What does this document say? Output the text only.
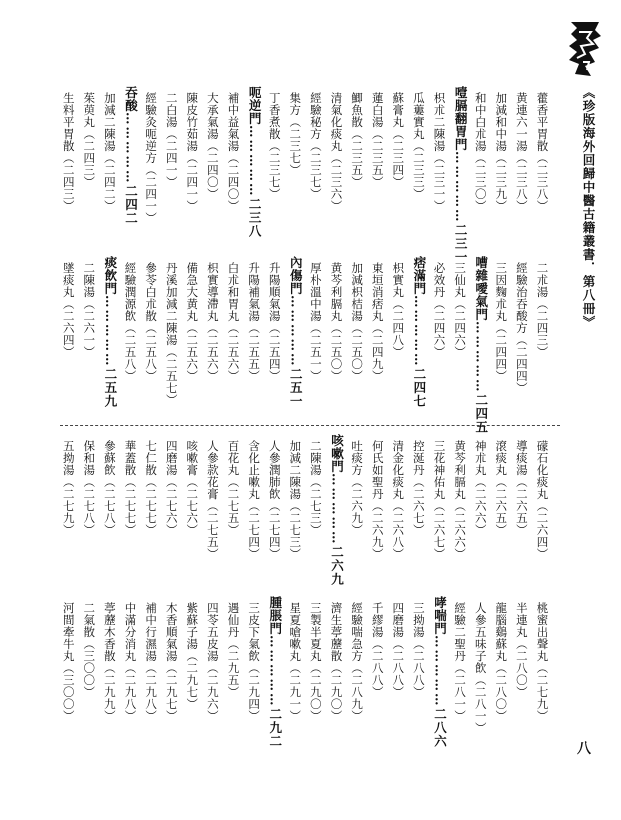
《珍版海外回歸中醫古籍叢書．第八冊》
藿香平胃散（二三八）
黄連六一湯（二三八）
加減和中湯（二三九）
和中白朮湯（二三〇）
噎膈翻胃門……………二三一
枳朮二陳湯（二三一）
瓜蔞實丸（二三三）
蘇膏丸（二三四）
蓮白湯（二三五）
鯽魚散（二三五）
清氣化痰丸（二三六）
經驗秘方（二三七）
集方（二三七）
丁香煮散（二三七）
呃逆門……………二三八
補中益氣湯（二四〇）
大承氣湯（二四〇）
陳皮竹茹湯（二四一）
二白湯（二四一）
經驗灸呃逆方（二四一）
吞酸……………二四二
加減二陳湯（二四二）
茱萸丸（二四三）
生料平胃散（二四三）
二朮湯（二四三）
經驗治吞酸方（二四四）
三因麴朮丸（二四四）
嘈雜噯氣門……………二四五
三仙丸（二四六）
必效丹（二四六）
痞滿門……………二四七
枳實丸（二四八）
東垣消痞丸（二四九）
加減枳桔湯（二五〇）
黄芩利膈丸（二五〇）
厚朴溫中湯（二五一）
內傷門……………二五一
升陽順氣湯（二五四）
升陽補氣湯（二五五）
白朮和胃丸（二五六）
枳實導滯丸（二五六）
備急大黄丸（二五六）
丹溪加減二陳湯（二五七）
參苓白朮散（二五八）
經驗潤源飲（二五八）
痰飲門……………二五九
二陳湯（二六一）
墜痰丸（二六四）
礞石化痰丸（二六四）
導痰湯（二六五）
滾痰丸（二六五）
神朮丸（二六六）
黄芩利膈丸（二六六）
三花神佑丸（二六七）
控涎丹（二六七）
清金化痰丸（二六八）
何氏如聖丹（二六九）
吐痰方（二六九）
咳嗽門……………二六九
二陳湯（二七三）
加減二陳湯（二七三）
人參潤肺飲（二七四）
含化止嗽丸（二七四）
百花丸（二七五）
人參款花膏（二七五）
咳嗽膏（二七六）
四磨湯（二七六）
七仁散（二七七）
華蓋散（二七七）
參蘇飲（二七八）
保和湯（二七八）
五拗湯（二七九）
桃蜜出聲丸（二七九）
半連丸（二八〇）
龍腦鷄蘇丸（二八〇）
人參五味子飲（二八一）
經驗二聖丹（二八一）
哮喘門……………二八六
三拗湯（二八八）
四磨湯（二八八）
千繆湯（二八八）
經驗喘急方（二八九）
濟生葶藶散（二九〇）
三製半夏丸（二九〇）
星夏嗆嗽丸（二九一）
腫脹門……………二九二
三皮下氣飲（二九四）
遇仙丹（二九五）
四苓五皮湯（二九六）
紫蘇子湯（二九七）
木香順氣湯（二九七）
補中行濕湯（二九八）
中滿分消丸（二九八）
葶藶木香散（二九九）
二氣散（三〇〇）
河間牽牛丸（三〇〇）
八
